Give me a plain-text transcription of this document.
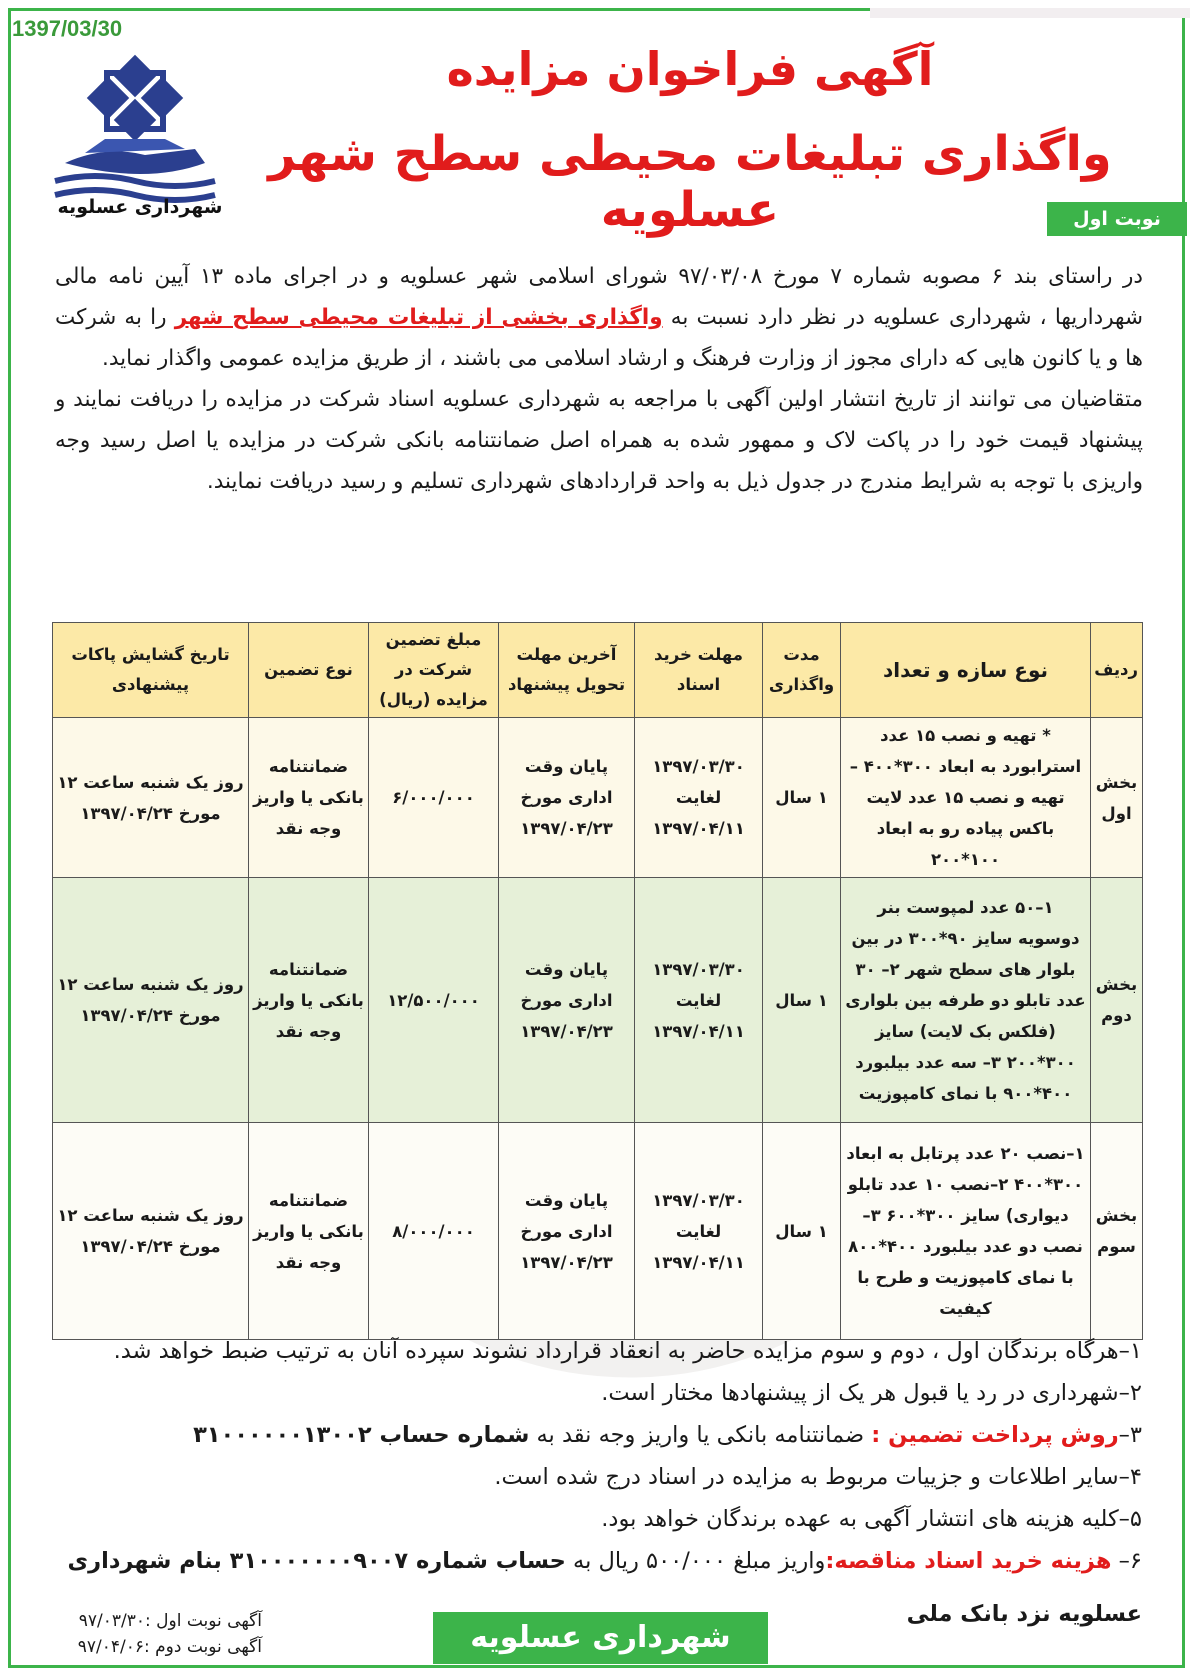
1397/03/30
شهرداری عسلویه
آگهی فراخوان مزایده
واگذاری تبلیغات محیطی سطح شهر عسلویه	نوبت اول

در راستای بند ۶ مصوبه شماره ۷ مورخ ۹۷/۰۳/۰۸ شورای اسلامی شهر عسلویه و در اجرای ماده ۱۳ آیین نامه مالی شهرداریها ، شهرداری عسلویه در نظر دارد نسبت به واگذاری بخشی از تبلیغات محیطی سطح شهر را به شرکت ها و یا کانون هایی که دارای مجوز از وزارت فرهنگ و ارشاد اسلامی می باشند ، از طریق مزایده عمومی واگذار نماید.

متقاضیان می توانند از تاریخ انتشار اولین آگهی با مراجعه به شهرداری عسلویه اسناد شرکت در مزایده را دریافت نمایند و پیشنهاد قیمت خود را در پاکت لاک و ممهور شده به همراه اصل ضمانتنامه بانکی شرکت در مزایده یا اصل رسید وجه واریزی با توجه به شرایط مندرج در جدول ذیل به واحد قراردادهای شهرداری تسلیم و رسید دریافت نمایند.

ردیف	نوع سازه و تعداد	مدت واگذاری	مهلت خرید اسناد	آخرین مهلت تحویل پیشنهاد	مبلغ تضمین شرکت در مزایده (ریال)	نوع تضمین	تاریخ گشایش پاکات پیشنهادی
بخش اول	* تهیه و نصب ۱۵ عدد استرابورد به ابعاد ۳۰۰*۴۰۰ – تهیه و نصب ۱۵ عدد لایت باکس پیاده رو به ابعاد ۱۰۰*۲۰۰	۱ سال	۱۳۹۷/۰۳/۳۰ لغایت ۱۳۹۷/۰۴/۱۱	پایان وقت اداری مورخ ۱۳۹۷/۰۴/۲۳	۶/۰۰۰/۰۰۰	ضمانتنامه بانکی یا واریز وجه نقد	روز یک شنبه ساعت ۱۲ مورخ ۱۳۹۷/۰۴/۲۴
بخش دوم	۱–۵۰ عدد لمپوست بنر دوسویه سایز ۹۰*۳۰۰ در بین بلوار های سطح شهر ۲– ۳۰ عدد تابلو دو طرفه بین بلواری (فلکس بک لایت) سایز ۳۰۰*۲۰۰ ۳– سه عدد بیلبورد ۴۰۰*۹۰۰ با نمای کامپوزیت	۱ سال	۱۳۹۷/۰۳/۳۰ لغایت ۱۳۹۷/۰۴/۱۱	پایان وقت اداری مورخ ۱۳۹۷/۰۴/۲۳	۱۲/۵۰۰/۰۰۰	ضمانتنامه بانکی یا واریز وجه نقد	روز یک شنبه ساعت ۱۲ مورخ ۱۳۹۷/۰۴/۲۴
بخش سوم	۱–نصب ۲۰ عدد پرتابل به ابعاد ۳۰۰*۴۰۰ ۲–نصب ۱۰ عدد تابلو دیواری) سایز ۳۰۰*۶۰۰ ۳–نصب دو عدد بیلبورد ۴۰۰*۸۰۰ با نمای کامپوزیت و طرح با کیفیت	۱ سال	۱۳۹۷/۰۳/۳۰ لغایت ۱۳۹۷/۰۴/۱۱	پایان وقت اداری مورخ ۱۳۹۷/۰۴/۲۳	۸/۰۰۰/۰۰۰	ضمانتنامه بانکی یا واریز وجه نقد	روز یک شنبه ساعت ۱۲ مورخ ۱۳۹۷/۰۴/۲۴
۱–هرگاه برندگان اول ، دوم و سوم مزایده حاضر به انعقاد قرارداد نشوند سپرده آنان به ترتیب ضبط خواهد شد.
۲–شهرداری در رد یا قبول هر یک از پیشنهادها مختار است.
۳–روش پرداخت تضمین : ضمانتنامه بانکی یا واریز وجه نقد به شماره حساب ۳۱۰۰۰۰۰۰۱۳۰۰۲
۴–سایر اطلاعات و جزییات مربوط به مزایده در اسناد درج شده است.
۵–کلیه هزینه های انتشار آگهی به عهده برندگان خواهد بود.
۶– هزینه خرید اسناد مناقصه:واریز مبلغ ۵۰۰/۰۰۰ ریال به حساب شماره ۳۱۰۰۰۰۰۰۰۹۰۰۷ بنام شهرداری
عسلویه نزد بانک ملی
آگهی نوبت اول :۹۷/۰۳/۳۰
آگهی نوبت دوم :۹۷/۰۴/۰۶	شهرداری عسلویه
